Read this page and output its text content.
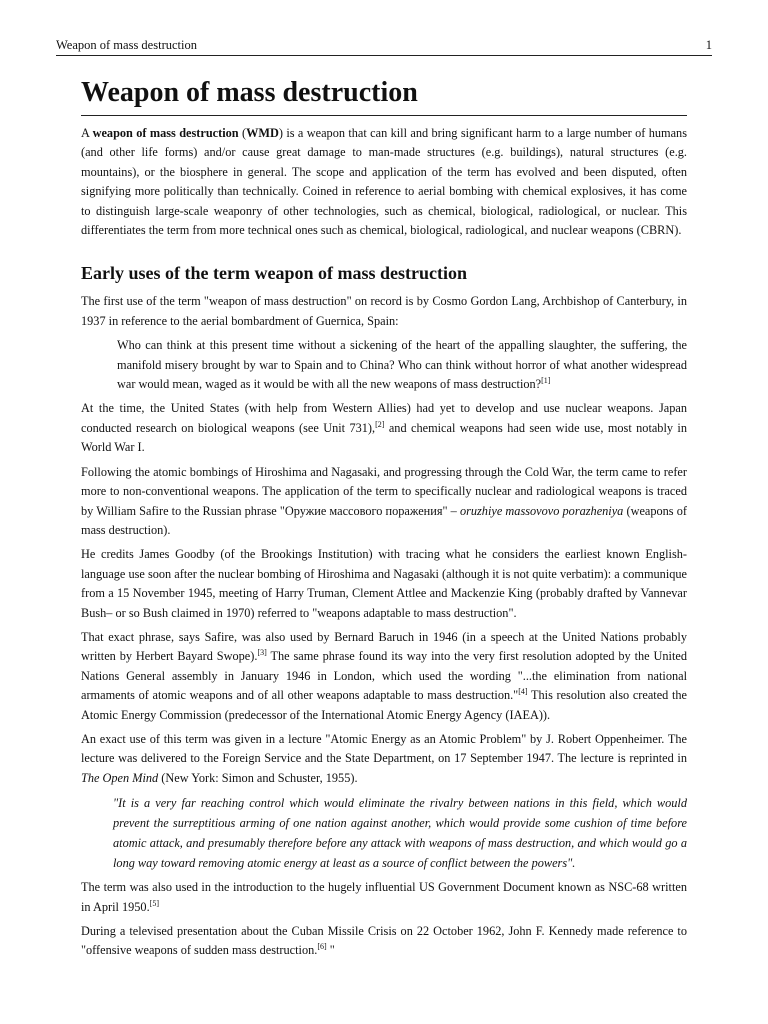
Weapon of mass destruction	1
Weapon of mass destruction

A weapon of mass destruction (WMD) is a weapon that can kill and bring significant harm to a large number of humans (and other life forms) and/or cause great damage to man-made structures (e.g. buildings), natural structures (e.g. mountains), or the biosphere in general. The scope and application of the term has evolved and been disputed, often signifying more politically than technically. Coined in reference to aerial bombing with chemical explosives, it has come to distinguish large-scale weaponry of other technologies, such as chemical, biological, radiological, or nuclear. This differentiates the term from more technical ones such as chemical, biological, radiological, and nuclear weapons (CBRN).

Early uses of the term weapon of mass destruction

The first use of the term "weapon of mass destruction" on record is by Cosmo Gordon Lang, Archbishop of Canterbury, in 1937 in reference to the aerial bombardment of Guernica, Spain:

Who can think at this present time without a sickening of the heart of the appalling slaughter, the suffering, the manifold misery brought by war to Spain and to China? Who can think without horror of what another widespread war would mean, waged as it would be with all the new weapons of mass destruction?[1]

At the time, the United States (with help from Western Allies) had yet to develop and use nuclear weapons. Japan conducted research on biological weapons (see Unit 731),[2] and chemical weapons had seen wide use, most notably in World War I.

Following the atomic bombings of Hiroshima and Nagasaki, and progressing through the Cold War, the term came to refer more to non-conventional weapons. The application of the term to specifically nuclear and radiological weapons is traced by William Safire to the Russian phrase "Оружие массового поражения" – oruzhiye massovovo porazheniya (weapons of mass destruction).

He credits James Goodby (of the Brookings Institution) with tracing what he considers the earliest known English-language use soon after the nuclear bombing of Hiroshima and Nagasaki (although it is not quite verbatim): a communique from a 15 November 1945, meeting of Harry Truman, Clement Attlee and Mackenzie King (probably drafted by Vannevar Bush– or so Bush claimed in 1970) referred to "weapons adaptable to mass destruction".

That exact phrase, says Safire, was also used by Bernard Baruch in 1946 (in a speech at the United Nations probably written by Herbert Bayard Swope).[3] The same phrase found its way into the very first resolution adopted by the United Nations General assembly in January 1946 in London, which used the wording "...the elimination from national armaments of atomic weapons and of all other weapons adaptable to mass destruction."[4] This resolution also created the Atomic Energy Commission (predecessor of the International Atomic Energy Agency (IAEA)).

An exact use of this term was given in a lecture "Atomic Energy as an Atomic Problem" by J. Robert Oppenheimer. The lecture was delivered to the Foreign Service and the State Department, on 17 September 1947. The lecture is reprinted in The Open Mind (New York: Simon and Schuster, 1955).

"It is a very far reaching control which would eliminate the rivalry between nations in this field, which would prevent the surreptitious arming of one nation against another, which would provide some cushion of time before atomic attack, and presumably therefore before any attack with weapons of mass destruction, and which would go a long way toward removing atomic energy at least as a source of conflict between the powers".

The term was also used in the introduction to the hugely influential US Government Document known as NSC-68 written in April 1950.[5]

During a televised presentation about the Cuban Missile Crisis on 22 October 1962, John F. Kennedy made reference to "offensive weapons of sudden mass destruction.[6] "
